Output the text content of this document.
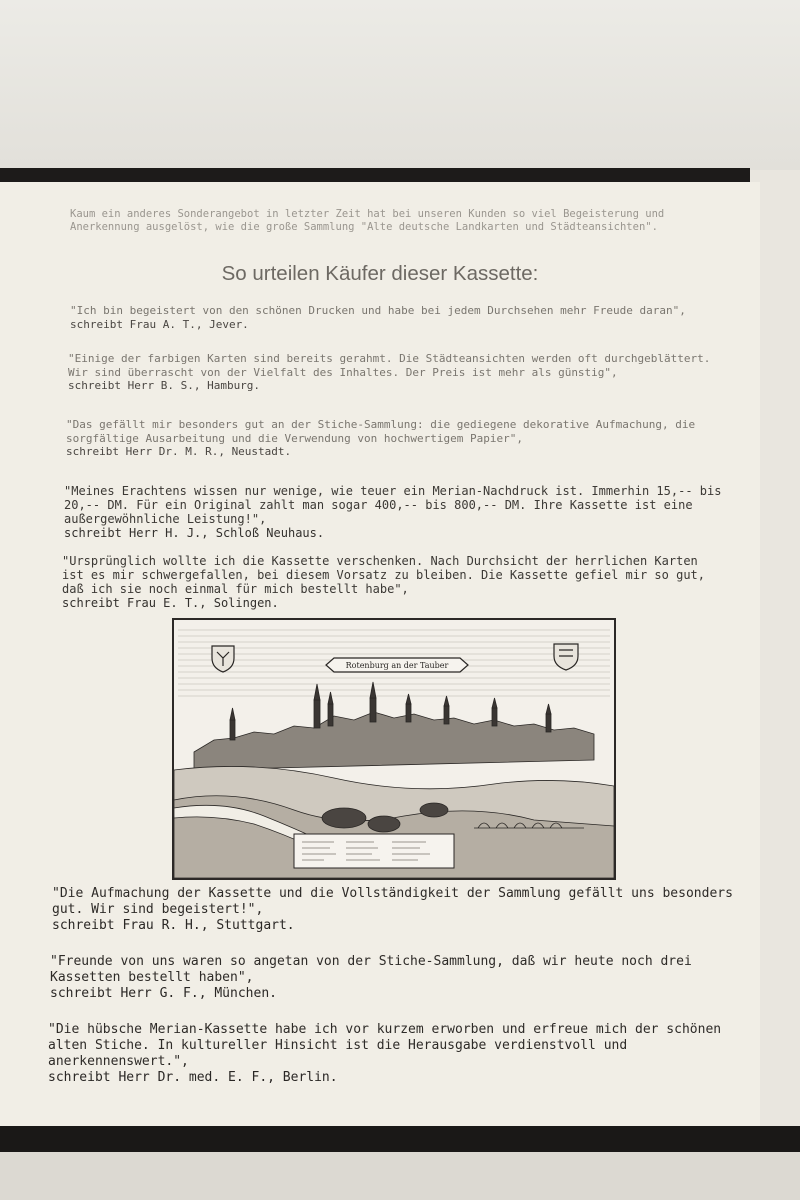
Kaum ein anderes Sonderangebot in letzter Zeit hat bei unseren Kunden so viel Begeisterung und Anerkennung ausgelöst, wie die große Sammlung "Alte deutsche Landkarten und Städteansichten".

So urteilen Käufer dieser Kassette:

"Ich bin begeistert von den schönen Drucken und habe bei jedem Durchsehen mehr Freude daran",
schreibt Frau A. T., Jever.

"Einige der farbigen Karten sind bereits gerahmt. Die Städteansichten werden oft durchgeblättert. Wir sind überrascht von der Vielfalt des Inhaltes. Der Preis ist mehr als günstig",
schreibt Herr B. S., Hamburg.

"Das gefällt mir besonders gut an der Stiche-Sammlung: die gediegene dekorative Aufmachung, die sorgfältige Ausarbeitung und die Verwendung von hochwertigem Papier",
schreibt Herr Dr. M. R., Neustadt.

"Meines Erachtens wissen nur wenige, wie teuer ein Merian-Nachdruck ist. Immerhin 15,-- bis 20,-- DM. Für ein Original zahlt man sogar 400,-- bis 800,-- DM. Ihre Kassette ist eine außergewöhnliche Leistung!",
schreibt Herr H. J., Schloß Neuhaus.

"Ursprünglich wollte ich die Kassette verschenken. Nach Durchsicht der herrlichen Karten ist es mir schwergefallen, bei diesem Vorsatz zu bleiben. Die Kassette gefiel mir so gut, daß ich sie noch einmal für mich bestellt habe",
schreibt Frau E. T., Solingen.

Rotenburg an der Tauber

"Die Aufmachung der Kassette und die Vollständigkeit der Sammlung gefällt uns besonders gut. Wir sind begeistert!",
schreibt Frau R. H., Stuttgart.

"Freunde von uns waren so angetan von der Stiche-Sammlung, daß wir heute noch drei Kassetten bestellt haben",
schreibt Herr G. F., München.

"Die hübsche Merian-Kassette habe ich vor kurzem erworben und erfreue mich der schönen alten Stiche. In kultureller Hinsicht ist die Herausgabe verdienstvoll und anerkennenswert.",
schreibt Herr Dr. med. E. F., Berlin.
